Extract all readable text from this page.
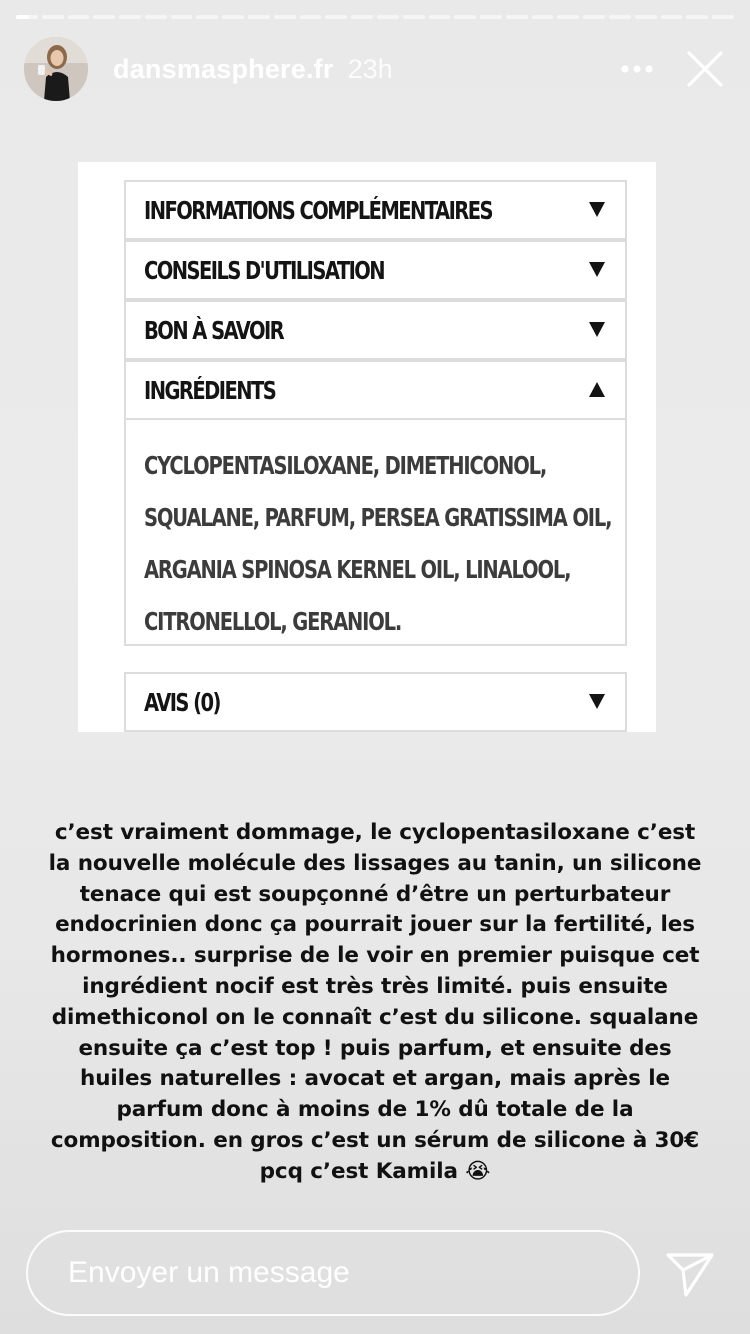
dansmasphere.fr 23h
INFORMATIONS COMPLÉMENTAIRES
CONSEILS D'UTILISATION
BON À SAVOIR
INGRÉDIENTS
CYCLOPENTASILOXANE, DIMETHICONOL,
SQUALANE, PARFUM, PERSEA GRATISSIMA OIL,
ARGANIA SPINOSA KERNEL OIL, LINALOOL,
CITRONELLOL, GERANIOL.
AVIS (0)
c’est vraiment dommage, le cyclopentasiloxane c’est
la nouvelle molécule des lissages au tanin, un silicone
tenace qui est soupçonné d’être un perturbateur
endocrinien donc ça pourrait jouer sur la fertilité, les
hormones.. surprise de le voir en premier puisque cet
ingrédient nocif est très très limité. puis ensuite
dimethiconol on le connaît c’est du silicone. squalane
ensuite ça c’est top ! puis parfum, et ensuite des
huiles naturelles : avocat et argan, mais après le
parfum donc à moins de 1% dû totale de la
composition. en gros c’est un sérum de silicone à 30€
pcq c’est Kamila 😭
Envoyer un message
